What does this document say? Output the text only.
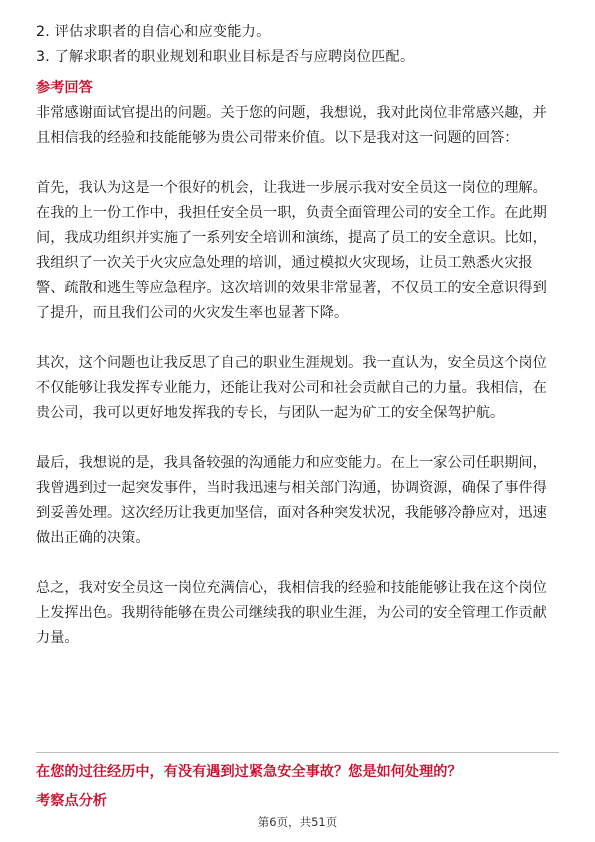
2. 评估求职者的自信心和应变能力。
3. 了解求职者的职业规划和职业目标是否与应聘岗位匹配。
参考回答

非常感谢面试官提出的问题。关于您的问题，我想说，我对此岗位非常感兴趣，并且相信我的经验和技能能够为贵公司带来价值。以下是我对这一问题的回答：

首先，我认为这是一个很好的机会，让我进一步展示我对安全员这一岗位的理解。在我的上一份工作中，我担任安全员一职，负责全面管理公司的安全工作。在此期间，我成功组织并实施了一系列安全培训和演练，提高了员工的安全意识。比如，我组织了一次关于火灾应急处理的培训，通过模拟火灾现场，让员工熟悉火灾报警、疏散和逃生等应急程序。这次培训的效果非常显著，不仅员工的安全意识得到了提升，而且我们公司的火灾发生率也显著下降。

其次，这个问题也让我反思了自己的职业生涯规划。我一直认为，安全员这个岗位不仅能够让我发挥专业能力，还能让我对公司和社会贡献自己的力量。我相信，在贵公司，我可以更好地发挥我的专长，与团队一起为矿工的安全保驾护航。

最后，我想说的是，我具备较强的沟通能力和应变能力。在上一家公司任职期间，我曾遇到过一起突发事件，当时我迅速与相关部门沟通，协调资源，确保了事件得到妥善处理。这次经历让我更加坚信，面对各种突发状况，我能够冷静应对，迅速做出正确的决策。

总之，我对安全员这一岗位充满信心，我相信我的经验和技能能够让我在这个岗位上发挥出色。我期待能够在贵公司继续我的职业生涯，为公司的安全管理工作贡献力量。

在您的过往经历中，有没有遇到过紧急安全事故？您是如何处理的？
考察点分析
第6页，共51页
